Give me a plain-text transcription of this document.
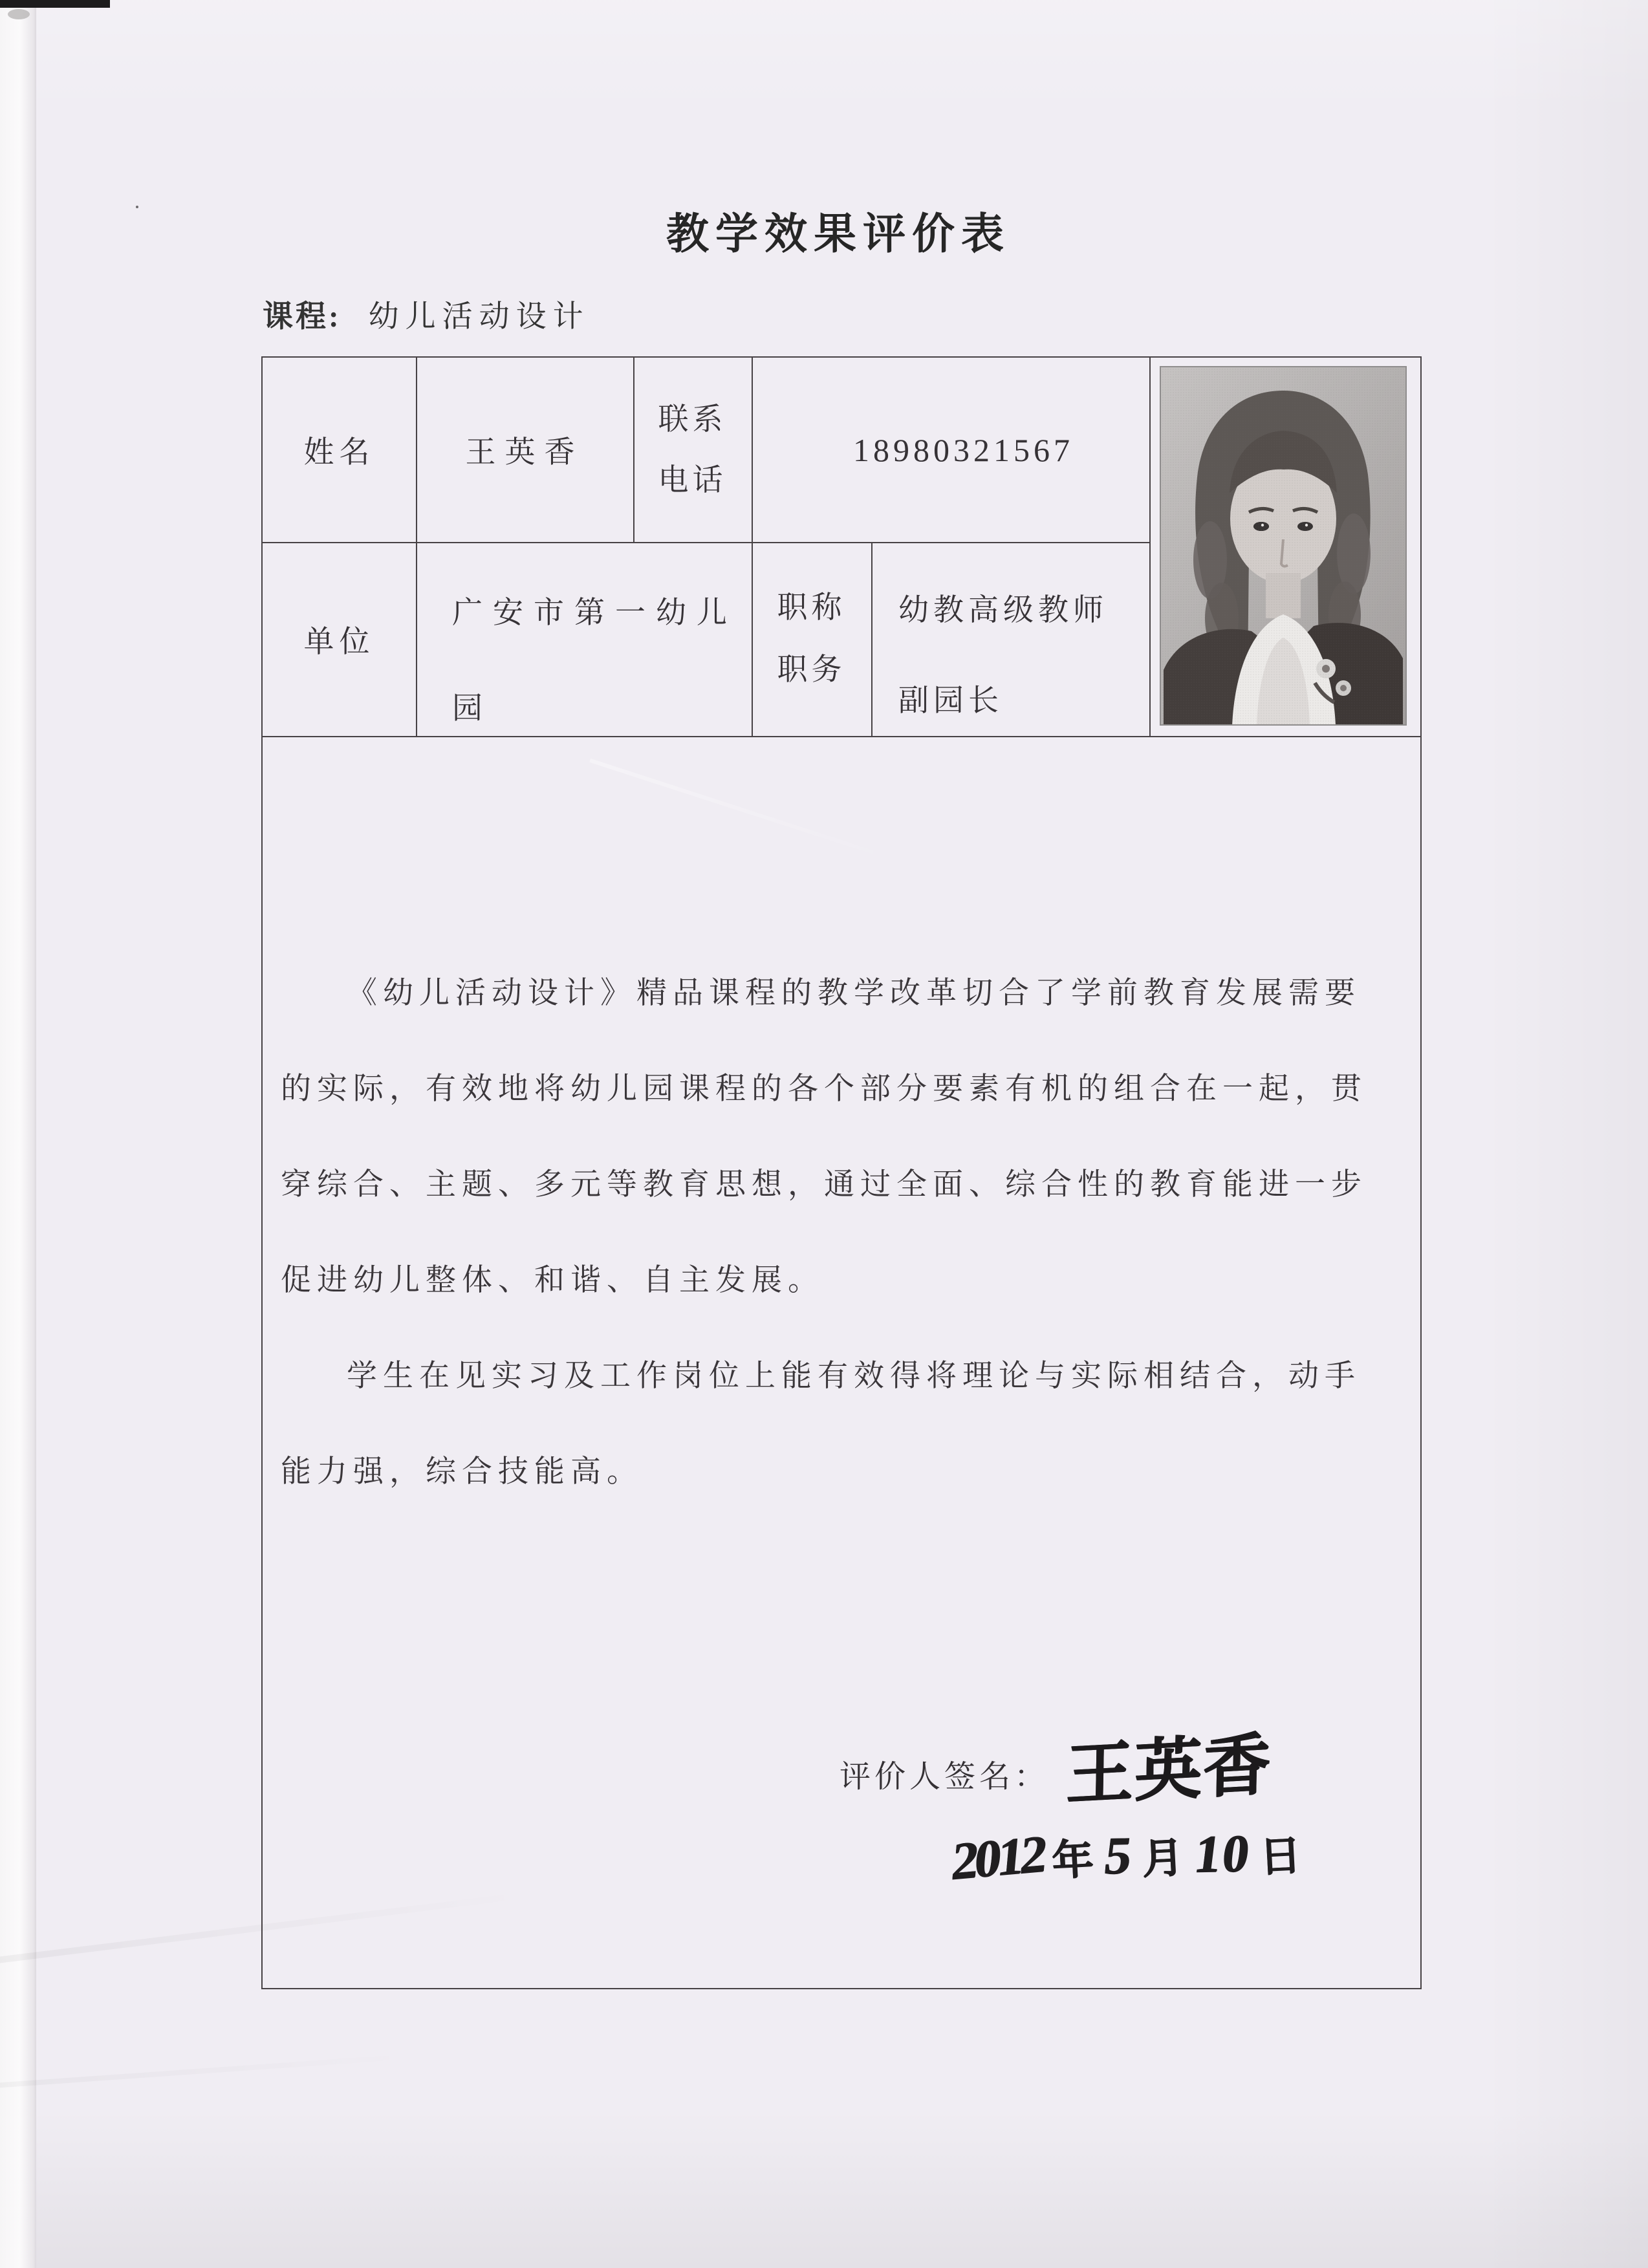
教学效果评价表
课程: 幼儿活动设计
姓名	王英香
联系
电话
18980321567
单位
广安市第一幼儿
园
职称
职务
幼教高级教师
副园长
《幼儿活动设计》精品课程的教学改革切合了学前教育发展需要
的实际，有效地将幼儿园课程的各个部分要素有机的组合在一起，贯
穿综合、主题、多元等教育思想，通过全面、综合性的教育能进一步
促进幼儿整体、和谐、自主发展。
学生在见实习及工作岗位上能有效得将理论与实际相结合，动手
能力强，综合技能高。
评价人签名： 王英香
2012 年 5 月 10 日
